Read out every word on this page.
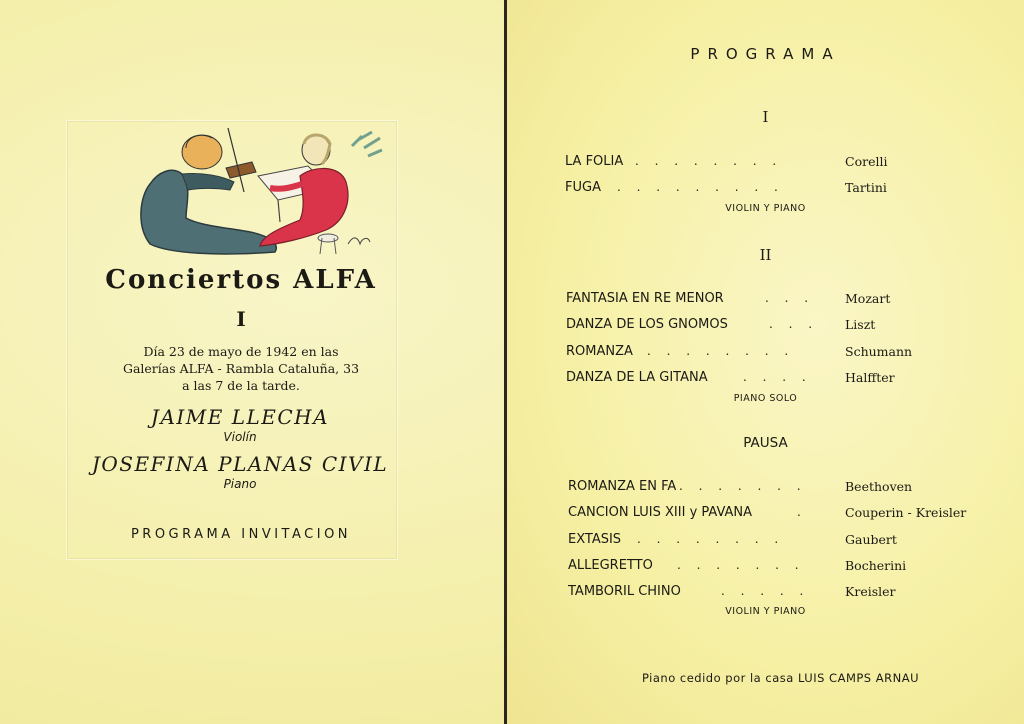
Conciertos ALFA
I
Día 23 de mayo de 1942 en las
Galerías ALFA - Rambla Cataluña, 33
a las 7 de la tarde.
JAIME LLECHA
Violín
JOSEFINA PLANAS CIVIL
Piano
PROGRAMA INVITACION
PROGRAMA
I
LA FOLIA . . . . . . . .	Corelli
FUGA . . . . . . . . .	Tartini
VIOLIN Y PIANO
II
FANTASIA EN RE MENOR	. . . Mozart
DANZA DE LOS GNOMOS	. . . Liszt
ROMANZA . . . . . . . .	Schumann
DANZA DE LA GITANA	. . . .	Halffter
PIANO SOLO
PAUSA
ROMANZA EN FA . . . . . . .	Beethoven
CANCION LUIS XIII y PAVANA	.	Couperin - Kreisler
EXTASIS . . . . . . . .	Gaubert
ALLEGRETTO . . . . . . .	Bocherini
TAMBORIL CHINO	. . . . .	Kreisler
VIOLIN Y PIANO
Piano cedido por la casa LUIS CAMPS ARNAU
